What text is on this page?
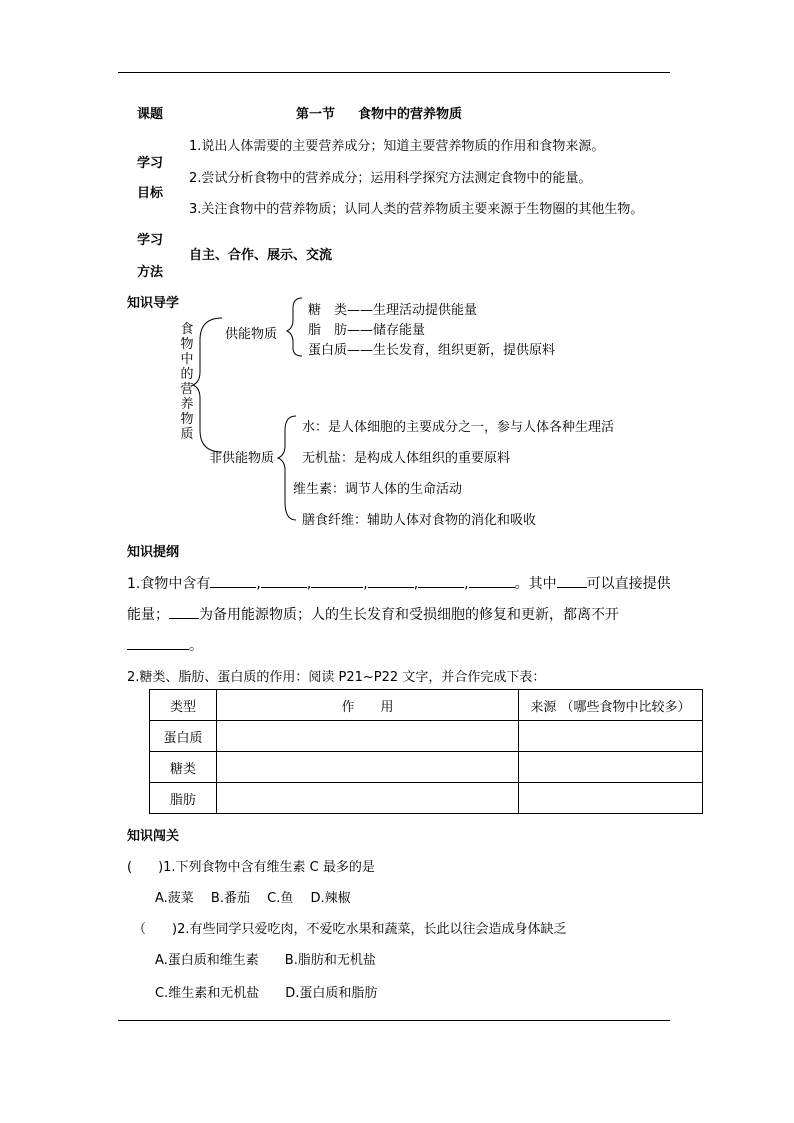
课题	第一节 食物中的营养物质
学习
目标
1.说出人体需要的主要营养成分；知道主要营养物质的作用和食物来源。
2.尝试分析食物中的营养成分；运用科学探究方法测定食物中的能量。
3.关注食物中的营养物质；认同人类的营养物质主要来源于生物圈的其他生物。
学习
方法
自主、合作、展示、交流
知识导学
食物中的营养物质
供能物质
糖　类——生理活动提供能量
脂　肪——储存能量
蛋白质——生长发育，组织更新，提供原料
非供能物质
水：是人体细胞的主要成分之一，参与人体各种生理活
无机盐：是构成人体组织的重要原料
维生素：调节人体的生命活动
膳食纤维：辅助人体对食物的消化和吸收
知识提纲
1.食物中含有	,	,	,	,	,	。其中 可以直接提供
能量； 为备用能源物质；人的生长发育和受损细胞的修复和更新，都离不开
。
2.糖类、脂肪、蛋白质的作用：阅读 P21~P22 文字，并合作完成下表：
类型	作　　用	来源 （哪些食物中比较多）
蛋白质		
糖类		
脂肪		
知识闯关
(　　)1.下列食物中含有维生素 C 最多的是
A.菠菜　 B.番茄　 C.鱼　 D.辣椒
（　　)2.有些同学只爱吃肉，不爱吃水果和蔬菜，长此以往会造成身体缺乏
A.蛋白质和维生素　　B.脂肪和无机盐
C.维生素和无机盐　　D.蛋白质和脂肪
